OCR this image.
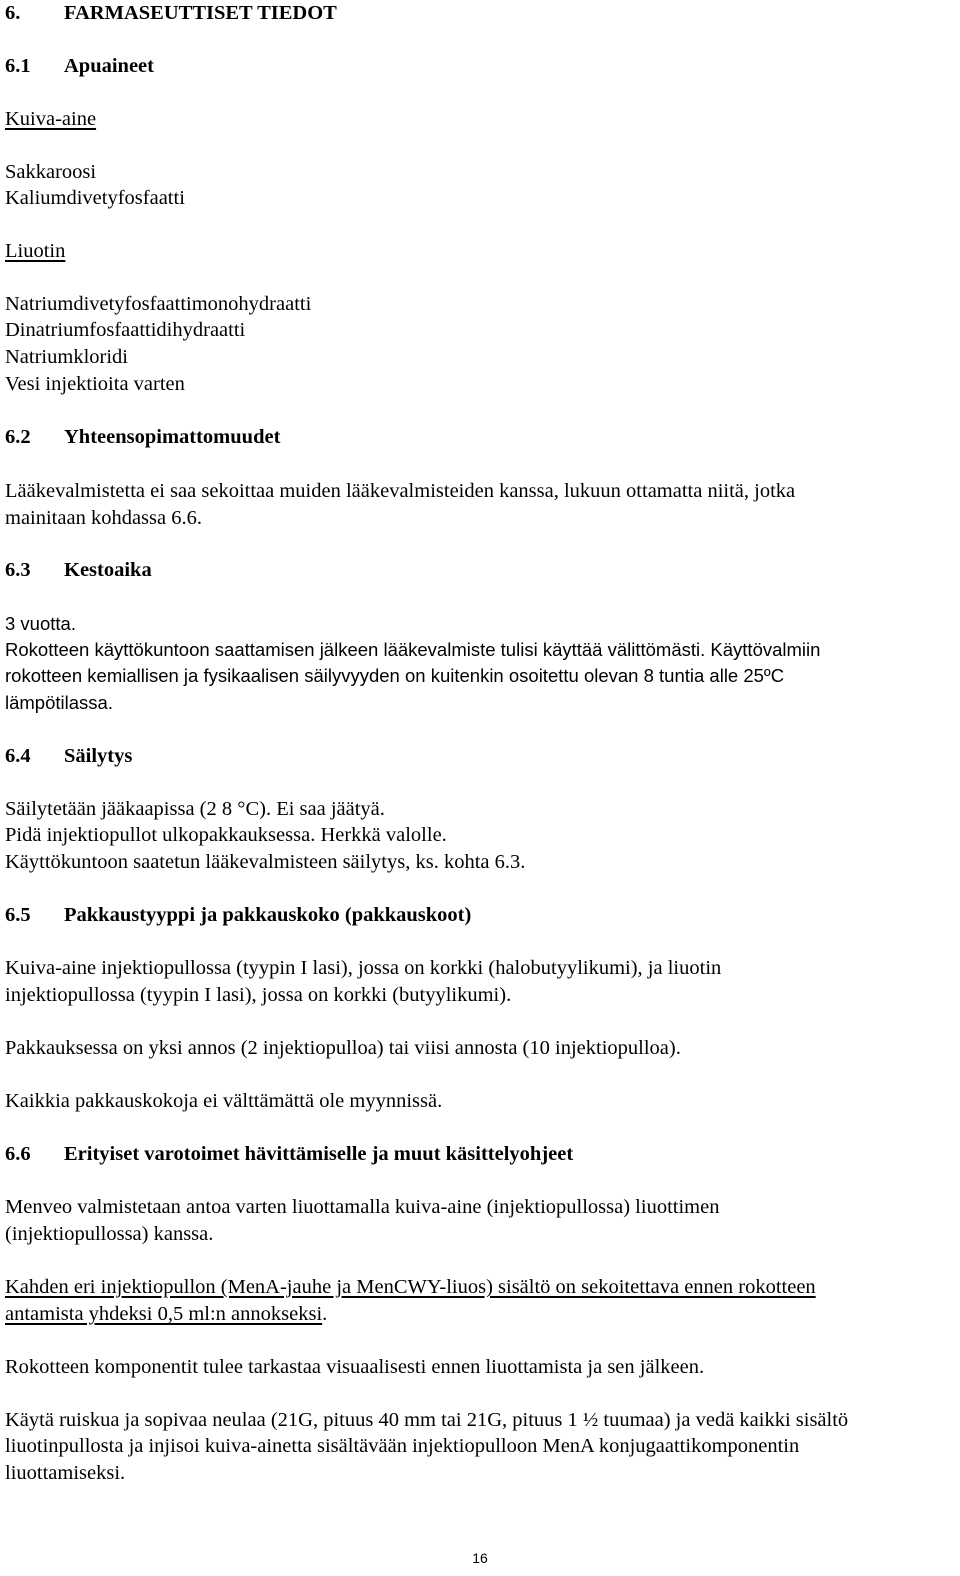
6. FARMASEUTTISET TIEDOT
6.1 Apuaineet
Kuiva-aine
Sakkaroosi
Kaliumdivetyfosfaatti
Liuotin
Natriumdivetyfosfaattimonohydraatti
Dinatriumfosfaattidihydraatti
Natriumkloridi
Vesi injektioita varten
6.2 Yhteensopimattomuudet
Lääkevalmistetta ei saa sekoittaa muiden lääkevalmisteiden kanssa, lukuun ottamatta niitä, jotka
mainitaan kohdassa 6.6.
6.3 Kestoaika
3 vuotta.
Rokotteen käyttökuntoon saattamisen jälkeen lääkevalmiste tulisi käyttää välittömästi. Käyttövalmiin
rokotteen kemiallisen ja fysikaalisen säilyvyyden on kuitenkin osoitettu olevan 8 tuntia alle 25ºC
lämpötilassa.
6.4 Säilytys
Säilytetään jääkaapissa (2 8 °C). Ei saa jäätyä.
Pidä injektiopullot ulkopakkauksessa. Herkkä valolle.
Käyttökuntoon saatetun lääkevalmisteen säilytys, ks. kohta 6.3.
6.5 Pakkaustyyppi ja pakkauskoko (pakkauskoot)
Kuiva-aine injektiopullossa (tyypin I lasi), jossa on korkki (halobutyylikumi), ja liuotin
injektiopullossa (tyypin I lasi), jossa on korkki (butyylikumi).
Pakkauksessa on yksi annos (2 injektiopulloa) tai viisi annosta (10 injektiopulloa).
Kaikkia pakkauskokoja ei välttämättä ole myynnissä.
6.6 Erityiset varotoimet hävittämiselle ja muut käsittelyohjeet
Menveo valmistetaan antoa varten liuottamalla kuiva-aine (injektiopullossa) liuottimen
(injektiopullossa) kanssa.
Kahden eri injektiopullon (MenA-jauhe ja MenCWY-liuos) sisältö on sekoitettava ennen rokotteen
antamista yhdeksi 0,5 ml:n annokseksi.
Rokotteen komponentit tulee tarkastaa visuaalisesti ennen liuottamista ja sen jälkeen.
Käytä ruiskua ja sopivaa neulaa (21G, pituus 40 mm tai 21G, pituus 1 ½ tuumaa) ja vedä kaikki sisältö
liuotinpullosta ja injisoi kuiva-ainetta sisältävään injektiopulloon MenA konjugaattikomponentin
liuottamiseksi.
16
